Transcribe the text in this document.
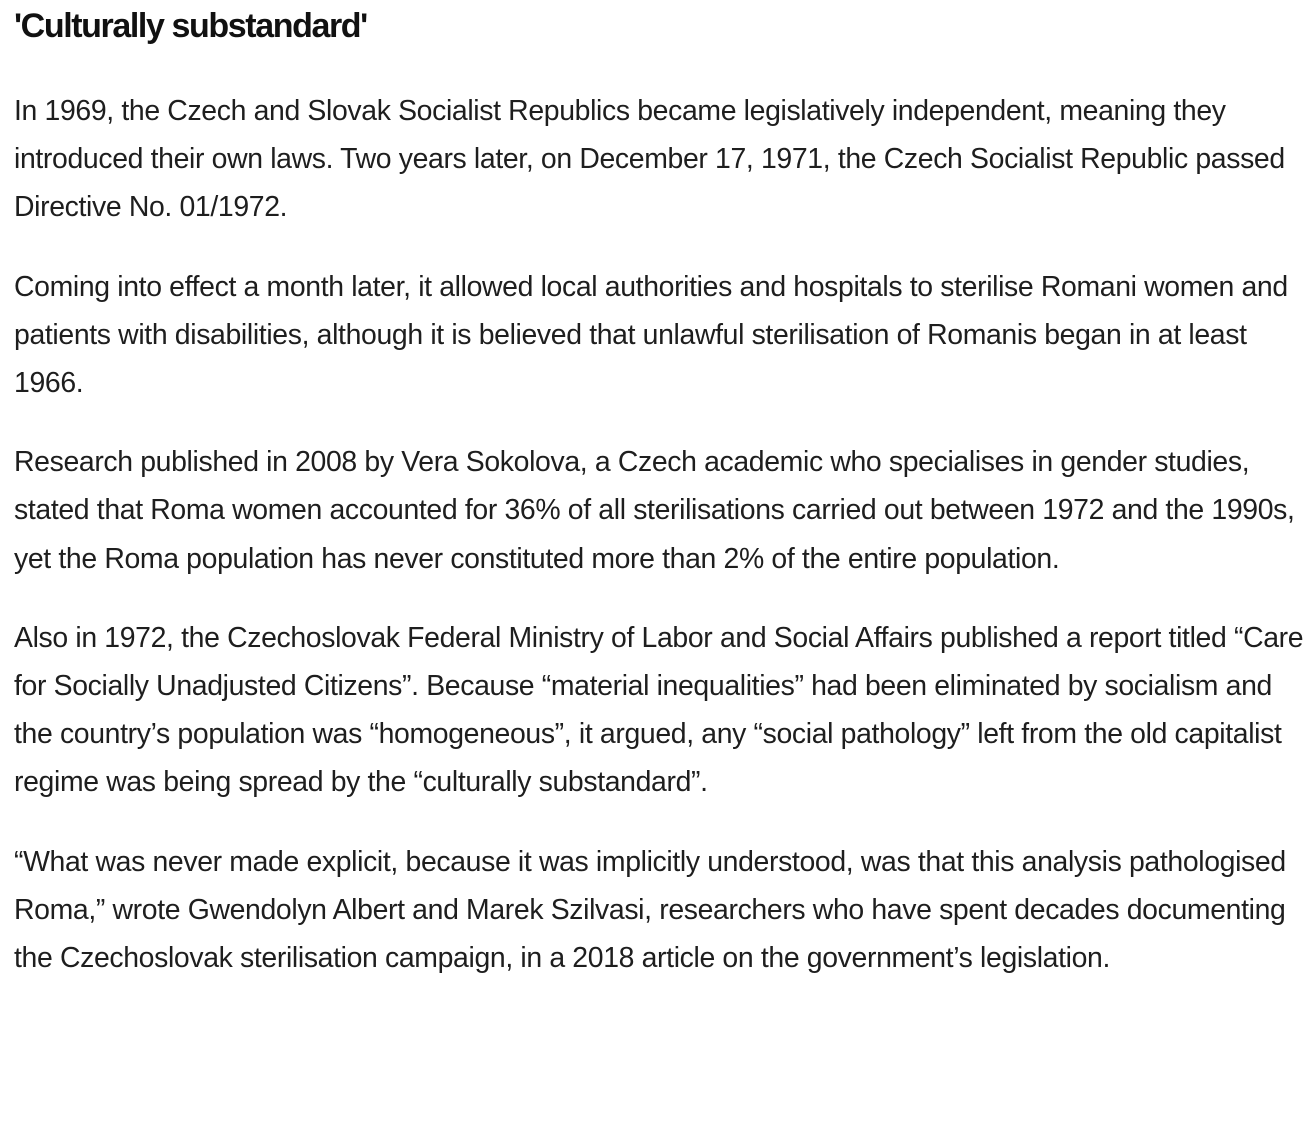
'Culturally substandard'

In 1969, the Czech and Slovak Socialist Republics became legislatively independent, meaning they introduced their own laws. Two years later, on December 17, 1971, the Czech Socialist Republic passed Directive No. 01/1972.

Coming into effect a month later, it allowed local authorities and hospitals to sterilise Romani women and patients with disabilities, although it is believed that unlawful sterilisation of Romanis began in at least 1966.

Research published in 2008 by Vera Sokolova, a Czech academic who specialises in gender studies, stated that Roma women accounted for 36% of all sterilisations carried out between 1972 and the 1990s, yet the Roma population has never constituted more than 2% of the entire population.

Also in 1972, the Czechoslovak Federal Ministry of Labor and Social Affairs published a report titled “Care for Socially Unadjusted Citizens”. Because “material inequalities” had been eliminated by socialism and the country’s population was “homogeneous”, it argued, any “social pathology” left from the old capitalist regime was being spread by the “culturally substandard”.

“What was never made explicit, because it was implicitly understood, was that this analysis pathologised Roma,” wrote Gwendolyn Albert and Marek Szilvasi, researchers who have spent decades documenting the Czechoslovak sterilisation campaign, in a 2018 article on the government’s legislation.
